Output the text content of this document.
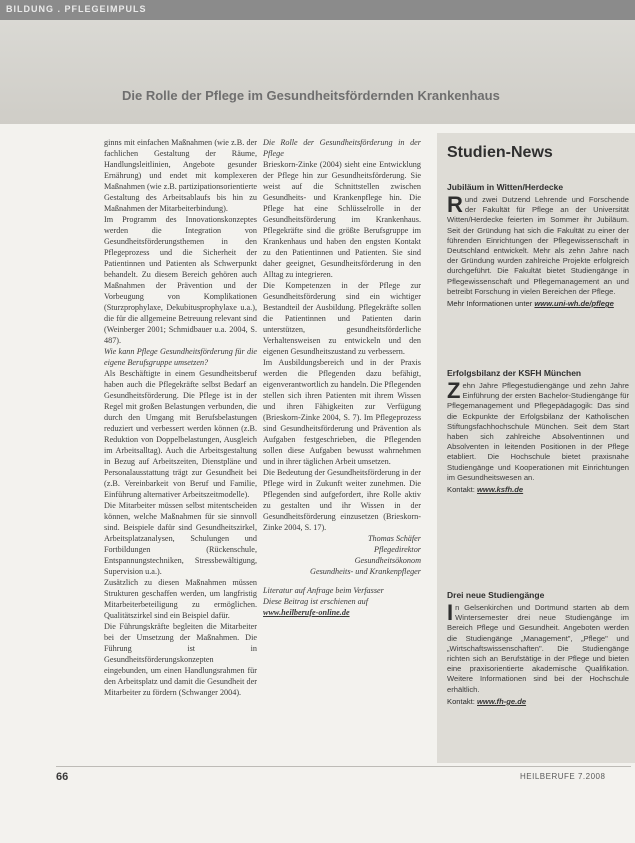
BILDUNG . PFLEGEIMPULS
Die Rolle der Pflege im Gesundheitsfördernden Krankenhaus

ginns mit einfachen Maßnahmen (wie z.B. der fachlichen Gestaltung der Räume, Handlungsleitlinien, Angebote gesunder Ernährung) und endet mit komplexeren Maßnahmen (wie z.B. partizipationsorientierte Gestaltung des Arbeitsablaufs bis hin zu Maßnahmen der Mitarbeiterbindung).

Im Programm des Innovationskonzeptes werden die Integration von Gesundheitsförderungsthemen in den Pflegeprozess und die Sicherheit der Patientinnen und Patienten als Schwerpunkt behandelt. Zu diesem Bereich gehören auch Maßnahmen der Prävention und der Vorbeugung von Komplikationen (Sturzprophylaxe, Dekubitusprophylaxe u.a.), die für die allgemeine Betreuung relevant sind (Weinberger 2001; Schmidbauer u.a. 2004, S. 487).

Wie kann Pflege Gesundheitsförderung für die eigene Berufsgruppe umsetzen?

Als Beschäftigte in einem Gesundheitsberuf haben auch die Pflegekräfte selbst Bedarf an Gesundheitsförderung. Die Pflege ist in der Regel mit großen Belastungen verbunden, die durch den Umgang mit Berufsbelastungen reduziert und verbessert werden können (z.B. Reduktion von Doppelbelastungen, Ausgleich im Arbeitsalltag). Auch die Arbeitsgestaltung in Bezug auf Arbeitszeiten, Dienstpläne und Personalausstattung trägt zur Gesundheit bei (z.B. Vereinbarkeit von Beruf und Familie, Einführung alternativer Arbeitszeitmodelle).

Die Mitarbeiter müssen selbst mitentscheiden können, welche Maßnahmen für sie sinnvoll sind. Beispiele dafür sind Gesundheitszirkel, Arbeitsplatzanalysen, Schulungen und Fortbildungen (Rückenschule, Entspannungstechniken, Stressbewältigung, Supervision u.a.).

Zusätzlich zu diesen Maßnahmen müssen Strukturen geschaffen werden, um langfristig Mitarbeiterbeteiligung zu ermöglichen. Qualitätszirkel sind ein Beispiel dafür.

Die Führungskräfte begleiten die Mitarbeiter bei der Umsetzung der Maßnahmen. Die Führung ist in Gesundheitsförderungskonzepten eingebunden, um einen Handlungsrahmen für den Arbeitsplatz und damit die Gesundheit der Mitarbeiter zu fördern (Schwanger 2004).

Die Rolle der Gesundheitsförderung in der Pflege

Brieskorn-Zinke (2004) sieht eine Entwicklung der Pflege hin zur Gesundheitsförderung. Sie weist auf die Schnittstellen zwischen Gesundheits- und Krankenpflege hin. Die Pflege hat eine Schlüsselrolle in der Gesundheitsförderung im Krankenhaus. Pflegekräfte sind die größte Berufsgruppe im Krankenhaus und haben den engsten Kontakt zu den Patientinnen und Patienten. Sie sind daher geeignet, Gesundheitsförderung in den Alltag zu integrieren.

Die Kompetenzen in der Pflege zur Gesundheitsförderung sind ein wichtiger Bestandteil der Ausbildung. Pflegekräfte sollen die Patientinnen und Patienten darin unterstützen, gesundheitsförderliche Verhaltensweisen zu entwickeln und den eigenen Gesundheitszustand zu verbessern.

Im Ausbildungsbereich und in der Praxis werden die Pflegenden dazu befähigt, eigenverantwortlich zu handeln. Die Pflegenden stellen sich ihren Patienten mit ihrem Wissen und ihren Fähigkeiten zur Verfügung (Brieskorn-Zinke 2004, S. 7). Im Pflegeprozess sind Gesundheitsförderung und Prävention als Aufgaben festgeschrieben, die Pflegenden sollen diese Aufgaben bewusst wahrnehmen und in ihrer täglichen Arbeit umsetzen.

Die Bedeutung der Gesundheitsförderung in der Pflege wird in Zukunft weiter zunehmen. Die Pflegenden sind aufgefordert, ihre Rolle aktiv zu gestalten und ihr Wissen in der Gesundheitsförderung einzusetzen (Brieskorn-Zinke 2004, S. 17).

Thomas Schäfer
Pflegedirektor
Gesundheitsökonom
Gesundheits- und Krankenpfleger
Literatur auf Anfrage beim Verfasser
Diese Beitrag ist erschienen auf
www.heilberufe-online.de
Studien-News
Jubiläum in Witten/Herdecke
Rund zwei Dutzend Lehrende und Forschende der Fakultät für Pflege an der Universität Witten/Herdecke feierten im Sommer ihr Jubiläum. Seit der Gründung hat sich die Fakultät zu einer der führenden Einrichtungen der Pflegewissenschaft in Deutschland entwickelt. Mehr als zehn Jahre nach der Gründung wurden zahlreiche Projekte erfolgreich durchgeführt. Die Fakultät bietet Studiengänge in Pflegewissenschaft und Pflegemanagement an und betreibt Forschung in vielen Bereichen der Pflege.
Mehr Informationen unter www.uni-wh.de/pflege
Erfolgsbilanz der KSFH München
Zehn Jahre Pflegestudiengänge und zehn Jahre Einführung der ersten Bachelor-Studiengänge für Pflegemanagement und Pflegepädagogik: Das sind die Eckpunkte der Erfolgsbilanz der Katholischen Stiftungsfachhochschule München. Seit dem Start haben sich zahlreiche Absolventinnen und Absolventen in leitenden Positionen in der Pflege etabliert. Die Hochschule bietet praxisnahe Studiengänge und Kooperationen mit Einrichtungen im Gesundheitswesen an.
Kontakt: www.ksfh.de
Drei neue Studiengänge
In Gelsenkirchen und Dortmund starten ab dem Wintersemester drei neue Studiengänge im Bereich Pflege und Gesundheit. Angeboten werden die Studiengänge „Management", „Pflege" und „Wirtschaftswissenschaften". Die Studiengänge richten sich an Berufstätige in der Pflege und bieten eine praxisorientierte akademische Qualifikation. Weitere Informationen sind bei der Hochschule erhältlich.
Kontakt: www.fh-ge.de
66	HEILBERUFE 7.2008
